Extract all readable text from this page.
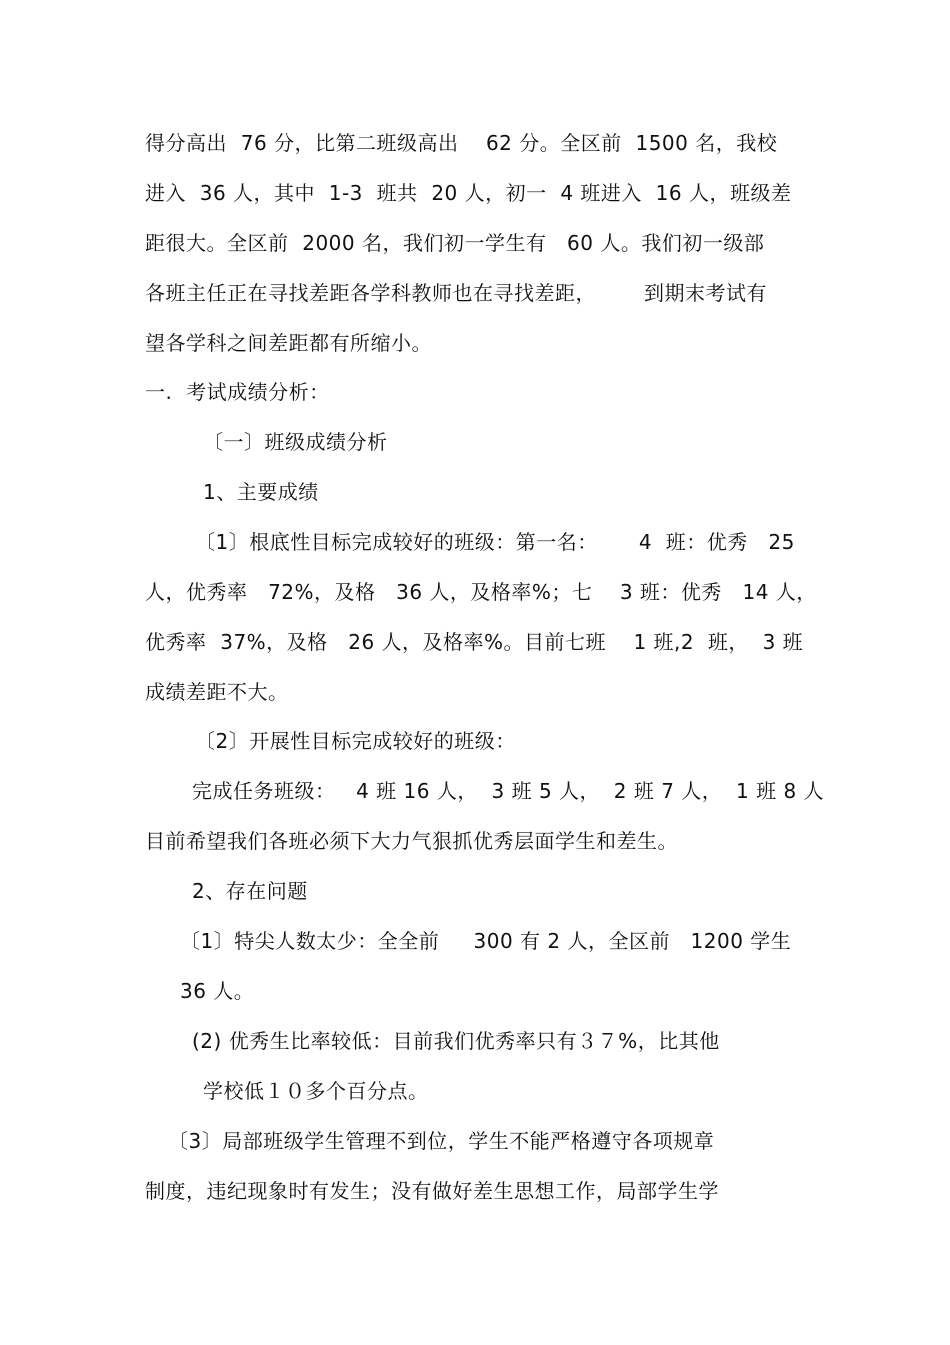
得分高出  76 分，比第二班级高出    62 分。全区前  1500 名，我校
进入  36 人，其中  1-3  班共  20 人，初一  4 班进入  16 人，班级差
距很大。全区前  2000 名，我们初一学生有   60 人。我们初一级部
各班主任正在寻找差距各学科教师也在寻找差距，       到期末考试有
望各学科之间差距都有所缩小。
一.  考试成绩分析：
〔一〕班级成绩分析
1、主要成绩
〔1〕根底性目标完成较好的班级：第一名：      4  班：优秀   25
人，优秀率   72%，及格   36 人，及格率%；七    3 班：优秀   14 人，
优秀率  37%，及格   26 人，及格率%。目前七班    1 班,2  班，  3 班
成绩差距不大。
〔2〕开展性目标完成较好的班级：
完成任务班级：   4 班 16 人，  3 班 5 人，  2 班 7 人，  1 班 8 人
目前希望我们各班必须下大力气狠抓优秀层面学生和差生。
2、存在问题
〔1〕特尖人数太少：全全前     300 有 2 人，全区前   1200 学生
36 人。
(2) 优秀生比率较低：目前我们优秀率只有３７%，比其他
学校低１０多个百分点。
〔3〕局部班级学生管理不到位，学生不能严格遵守各项规章
制度，违纪现象时有发生；没有做好差生思想工作，局部学生学
